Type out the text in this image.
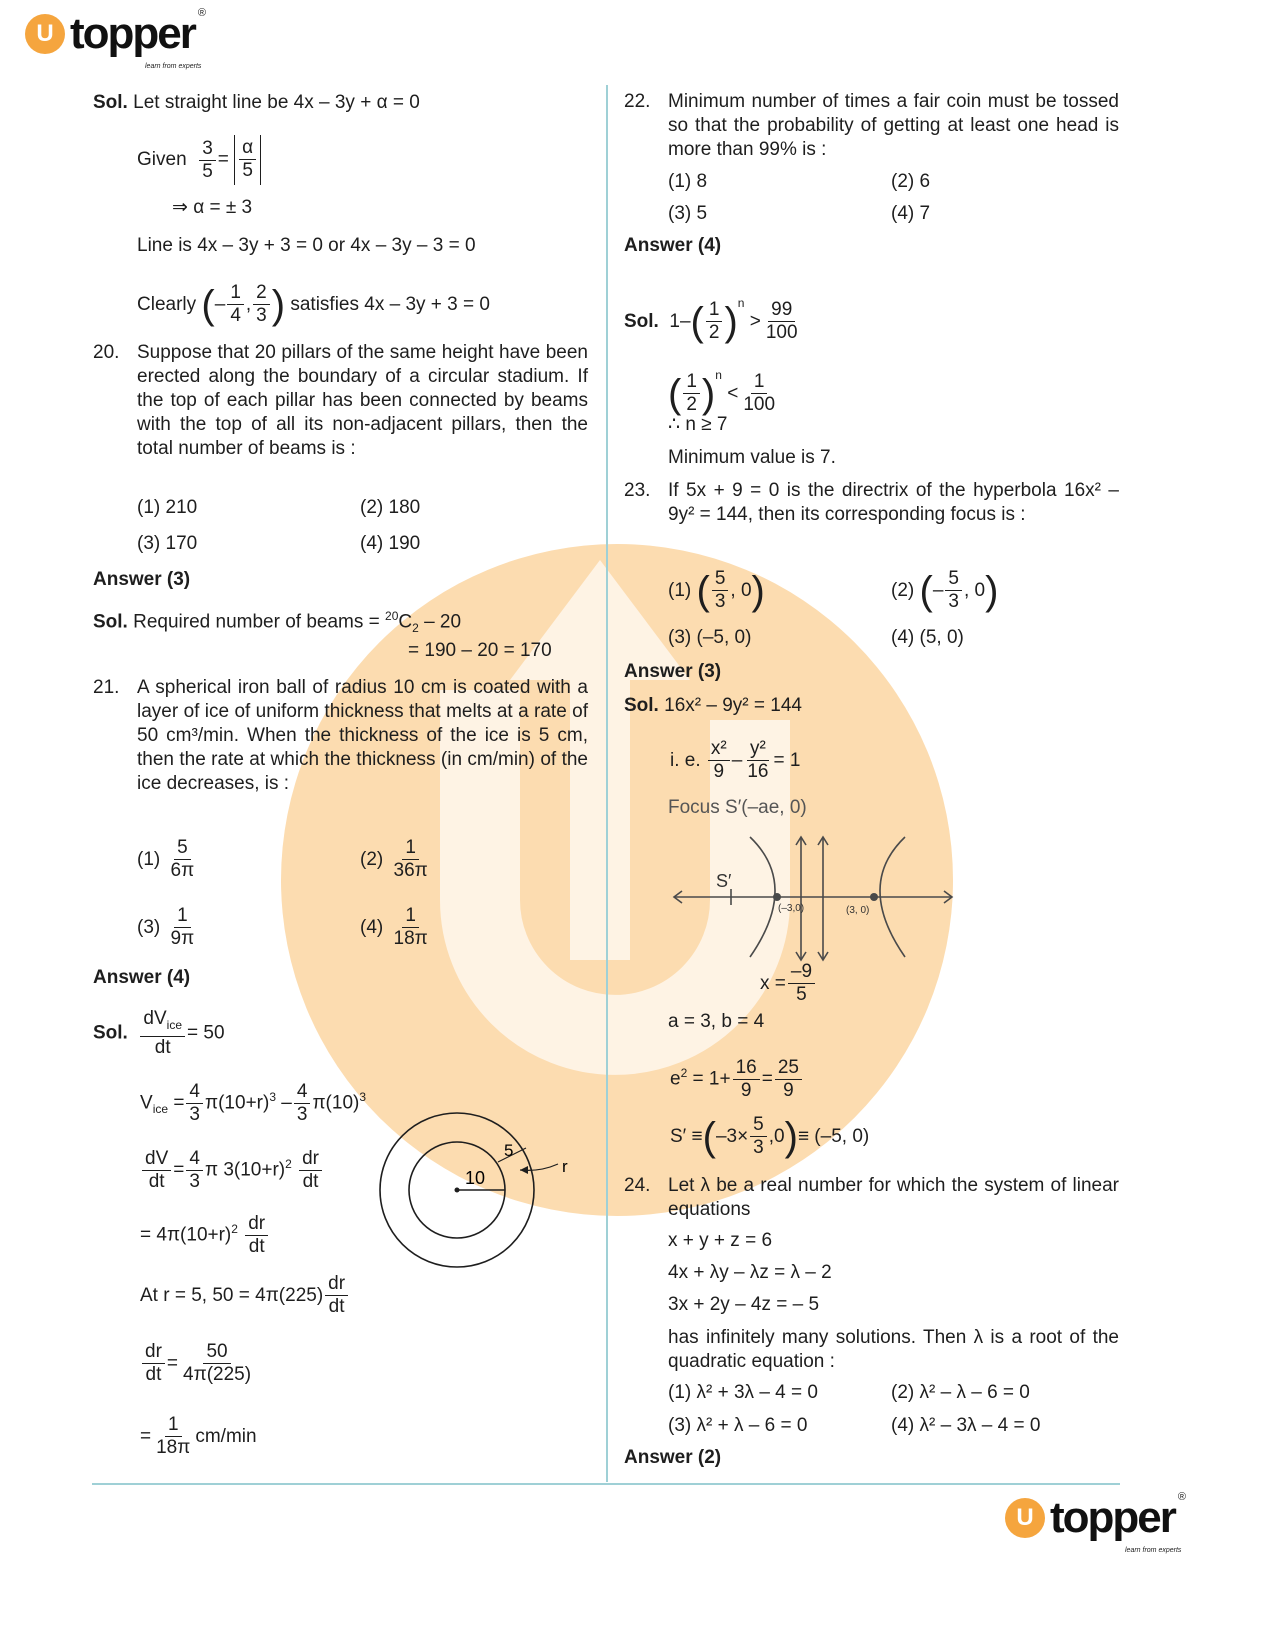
U topper ®
learn from experts
Sol. Let straight line be 4x – 3y + α = 0
Given $\frac{3}{5} = \frac{\alpha}{5}$
⇒ α = ± 3
Line is 4x – 3y + 3 = 0 or 4x – 3y – 3 = 0
Clearly (– $\frac{1}{4}$ , $\frac{2}{3}$ ) satisfies 4x – 3y + 3 = 0
20. Suppose that 20 pillars of the same height have been erected along the boundary of a circular stadium. If the top of each pillar has been connected by beams with the top of all its non-adjacent pillars, then the total number of beams is :
(1) 210	(2) 180
(3) 170	(4) 190
Answer (3)
Sol. Required number of beams = $^{20}C_2 - 20$
= 190 – 20 = 170
21. A spherical iron ball of radius 10 cm is coated with a layer of ice of uniform thickness that melts at a rate of 50 cm³/min. When the thickness of the ice is 5 cm, then the rate at which the thickness (in cm/min) of the ice decreases, is :
$(1) \frac{5}{6\pi}$	$(2) \frac{1}{36\pi}$
$(3) \frac{1}{9\pi}$	$(4) \frac{1}{18\pi}$
Answer (4)
Sol. $\frac{dV_{ice}}{dt} = 50$
$V_{ice} = \frac{4}{3} \pi(10+r)^3 - \frac{4}{3} \pi(10)^3$
$\frac{dV}{dt} = \frac{4}{3}$ π $3(10+r)^2 \frac{dr}{dt}$
= $4\pi(10+r)^2 \frac{dr}{dt}$
At r = 5, $50 = 4\pi(225) \frac{dr}{dt}$
$\frac{dr}{dt} = \frac{50}{4\pi(225)}$
= $\frac{1}{18\pi} cm/\min$
10
5
r
22. Minimum number of times a fair coin must be tossed so that the probability of getting at least one head is more than 99% is :
(1) 8	(2) 6
(3) 5	(4) 7
Answer (4)
Sol. $1-( \frac{1}{2} )^n > \frac{99}{100}$
( $\frac{1}{2} )^n < \frac{1}{100}$
∴ n ≥ 7
Minimum value is 7.
23. If 5x + 9 = 0 is the directrix of the hyperbola 16x² – 9y² = 144, then its corresponding focus is :
(1) ( $\frac{5}{3}$ , 0)	(2) (– $\frac{5}{3}$ , 0)
(3) (–5, 0)	(4) (5, 0)
Answer (3)
Sol. 16x² – 9y² = 144
i. e. $\frac{\text{x²}}{9} - \frac{\text{y²}}{16} = 1$
Focus S′(–ae, 0)
S′
(–3,0)	(3, 0)
$x = \frac{-9}{5}$
a = 3, b = 4
$e^2 = 1+ \frac{16}{9} = \frac{25}{9}$
$S' \equiv(-3\times \frac{5}{3} ,0)\equiv (-5$, 0)
24. Let λ be a real number for which the system of linear equations
x + y + z = 6
4x + λy – λz = λ – 2
3x + 2y – 4z = – 5
has infinitely many solutions. Then λ is a root of the quadratic equation :
(1) λ² + 3λ – 4 = 0	(2) λ² – λ – 6 = 0
(3) λ² + λ – 6 = 0	(4) λ² – 3λ – 4 = 0
Answer (2)
U topper ®
learn from experts
